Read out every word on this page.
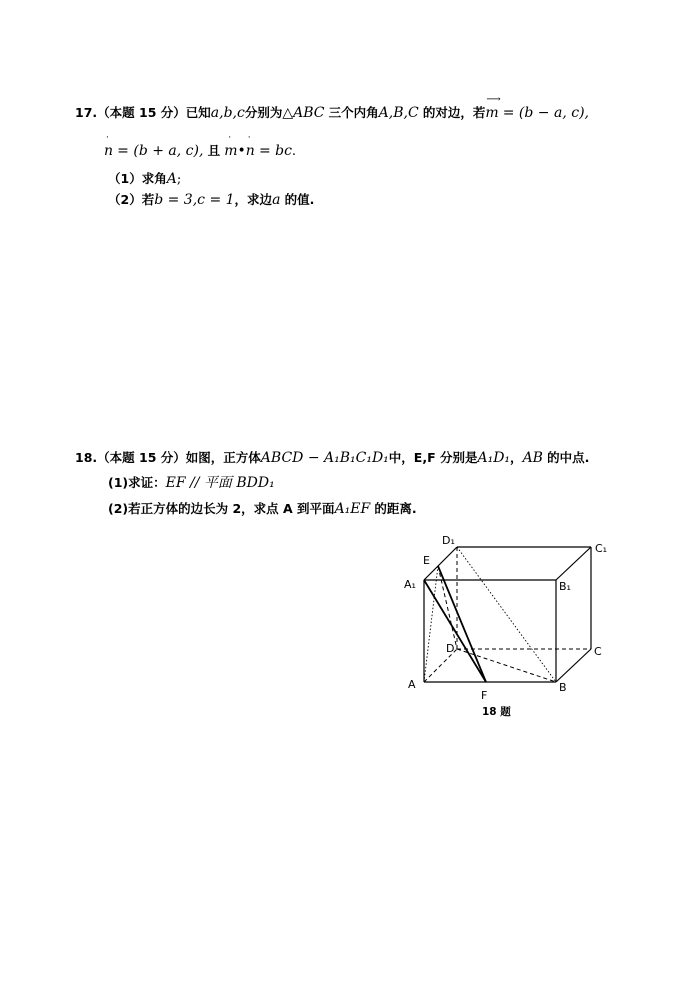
17.（本题 15 分）已知a,b,c分别为△ABC 三个内角A,B,C 的对边，若
⟶
m = (b − a, c),
·
n = (b + a, c), 且
·
m•
·
n = bc.
（1）求角A;
（2）若b = 3,c = 1，求边a 的值.
18.（本题 15 分）如图，正方体ABCD − A₁B₁C₁D₁中，E,F 分别是A₁D₁，AB 的中点.
(1)求证：EF // 平面 BDD₁
(2)若正方体的边长为 2，求点 A 到平面A₁EF 的距离.
D₁
C₁
E
A₁	B₁
D	C
A
F
B
18 题
